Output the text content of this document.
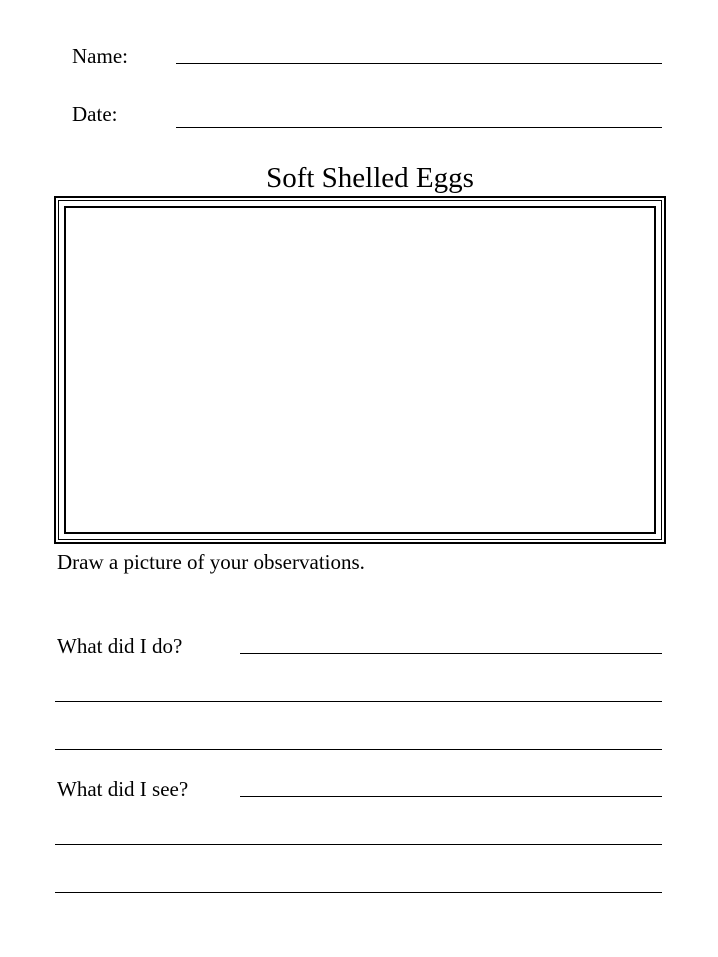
Name:
Date:
Soft Shelled Eggs
Draw a picture of your observations.
What did I do?
What did I see?
